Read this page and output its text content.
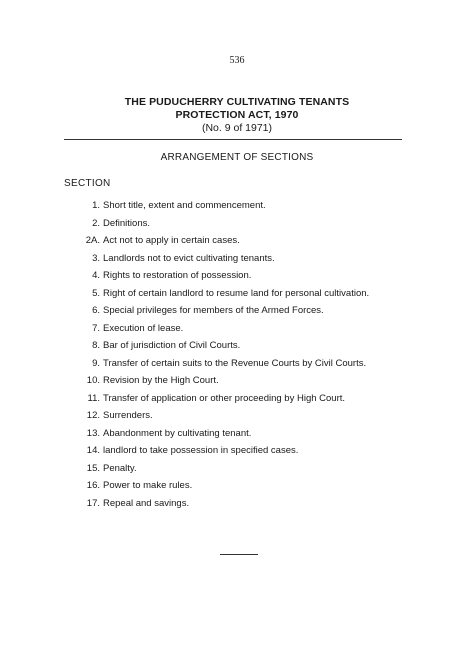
536
THE PUDUCHERRY CULTIVATING TENANTS
PROTECTION ACT, 1970
(No. 9 of 1971)
ARRANGEMENT OF SECTIONS
SECTION
1. Short title, extent and commencement.
2. Definitions.
2A. Act not to apply in certain cases.
3. Landlords not to evict cultivating tenants.
4. Rights to restoration of possession.
5. Right of certain landlord to resume land for personal cultivation.
6. Special privileges for members of the Armed Forces.
7. Execution of lease.
8. Bar of jurisdiction of Civil Courts.
9. Transfer of certain suits to the Revenue Courts by Civil Courts.
10. Revision by the High Court.
11. Transfer of application or other proceeding by High Court.
12. Surrenders.
13. Abandonment by cultivating tenant.
14. landlord to take possession in specified cases.
15. Penalty.
16. Power to make rules.
17. Repeal and savings.
